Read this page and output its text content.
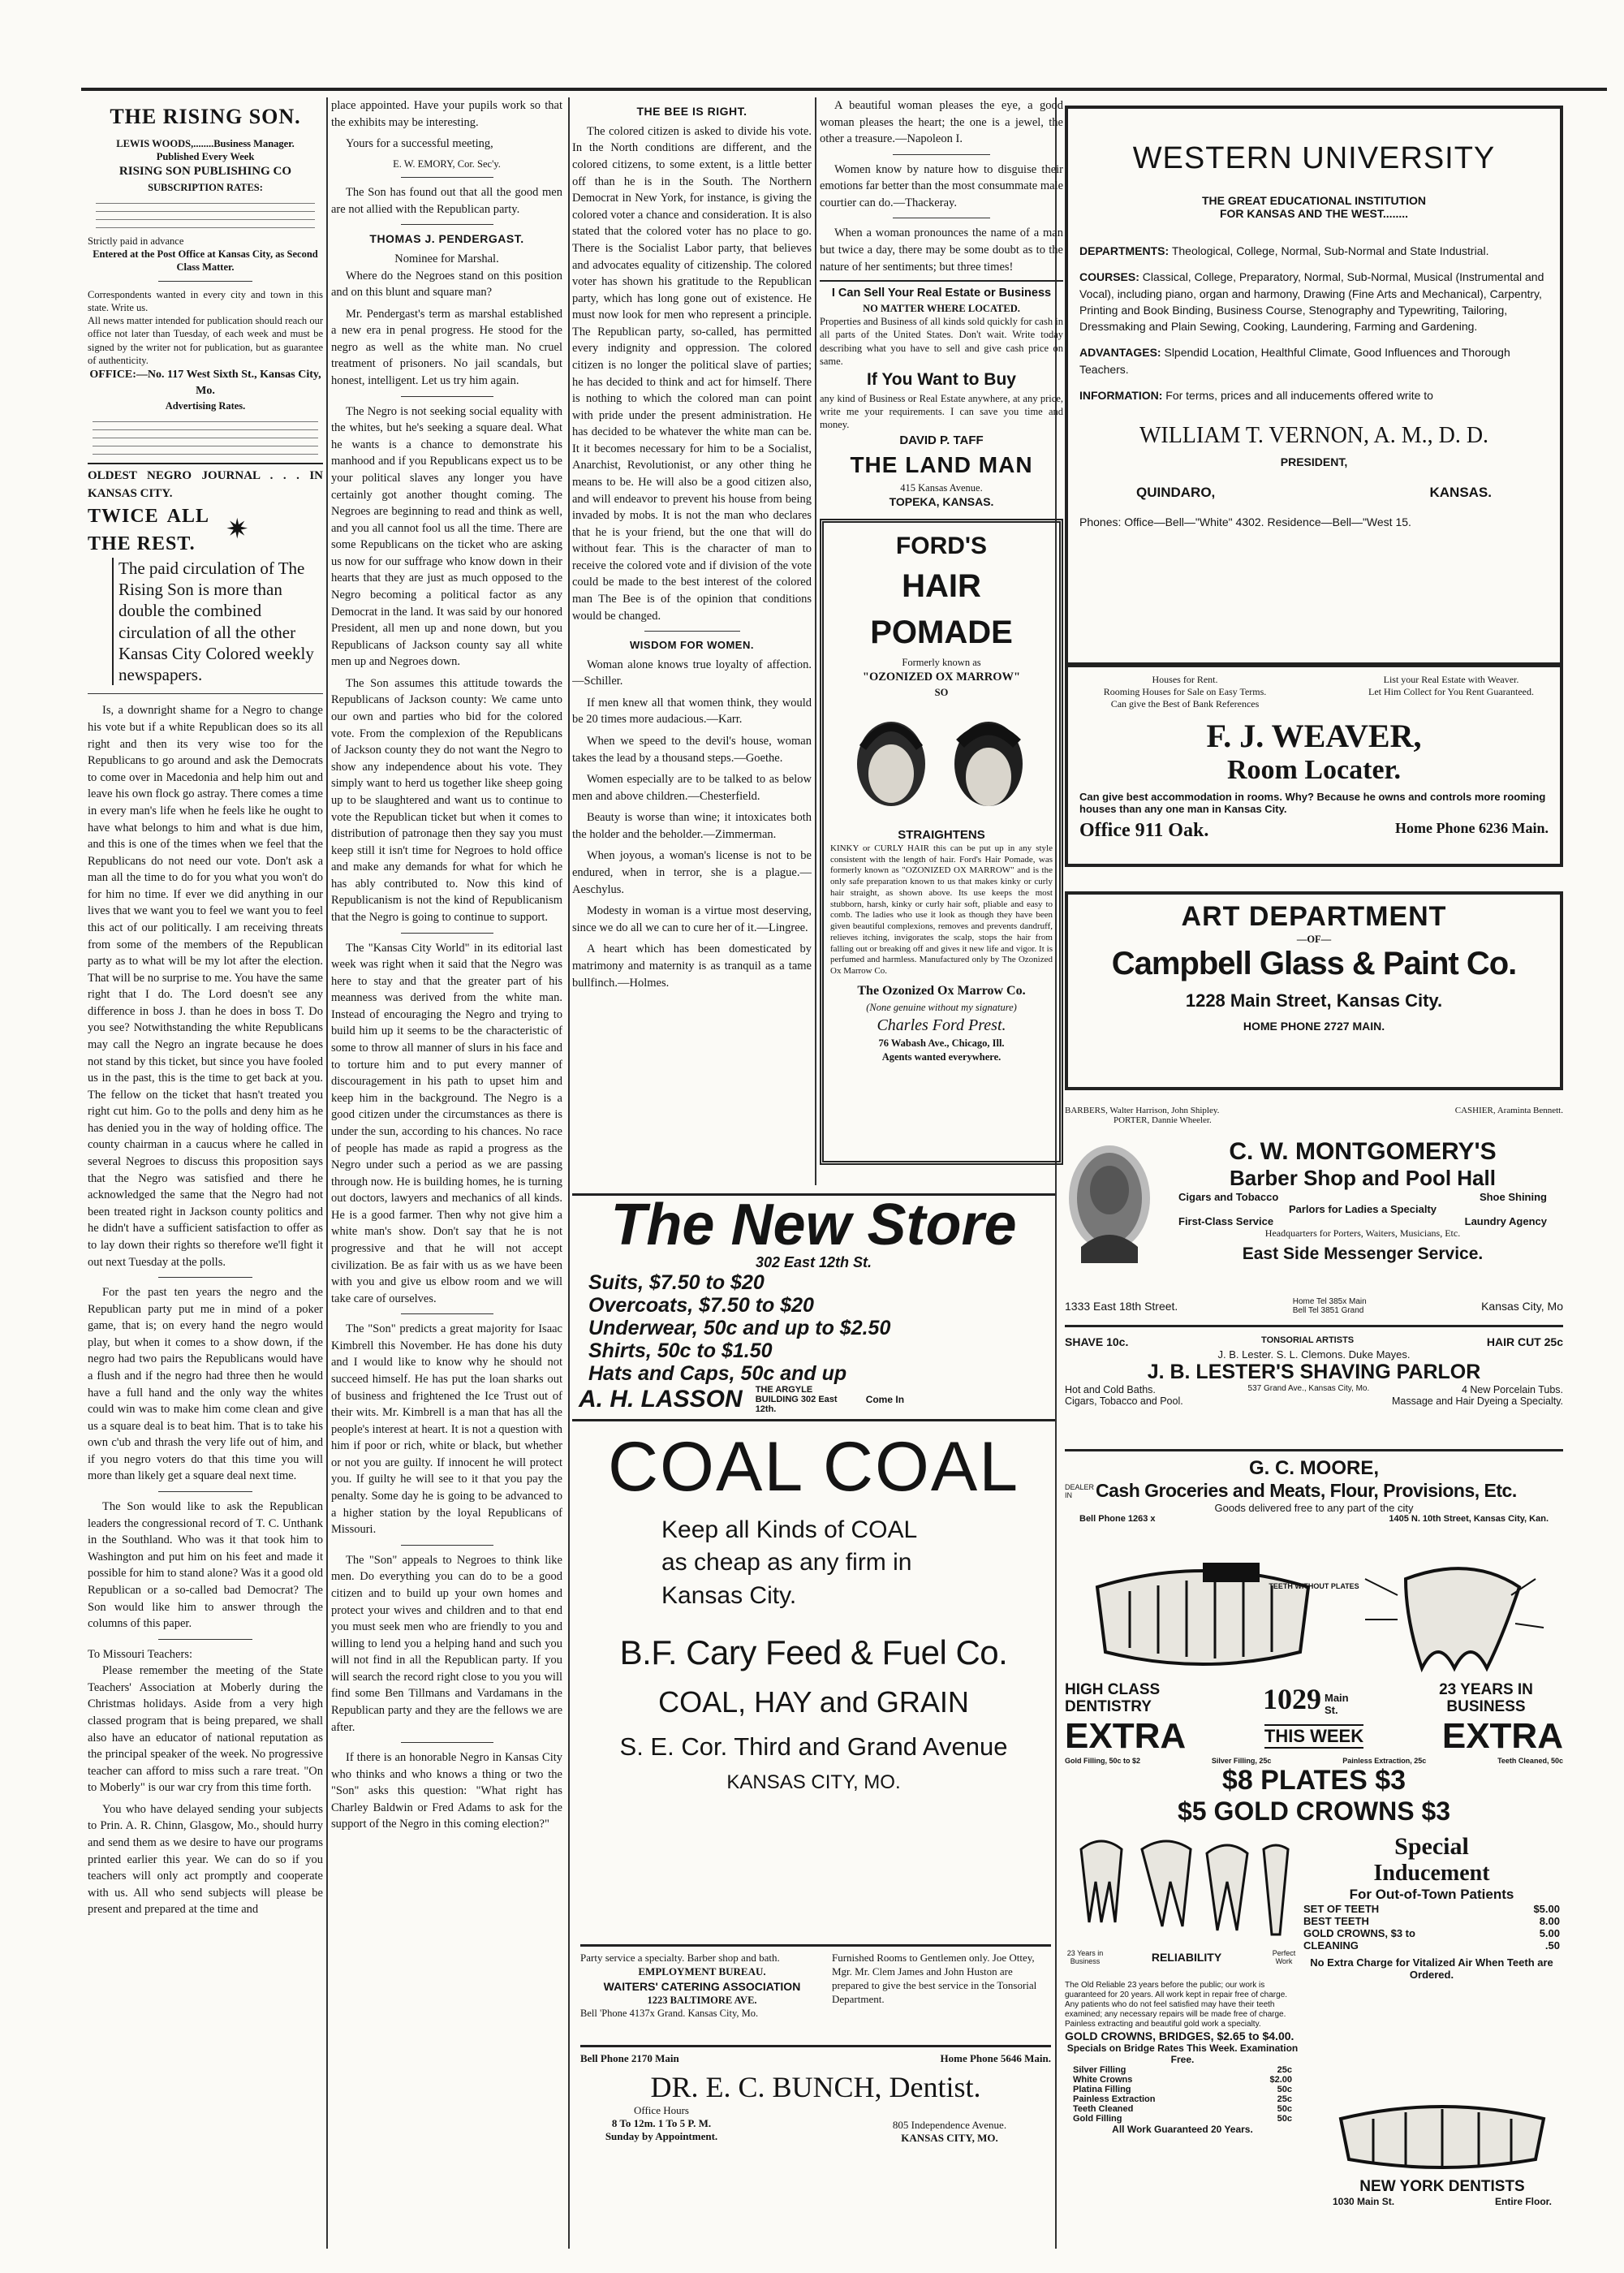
THE RISING SON.
LEWIS WOODS,........Business Manager.
Published Every Week
RISING SON PUBLISHING CO
SUBSCRIPTION RATES:
Strictly paid in advance
Entered at the Post Office at Kansas City, as Second Class Matter.
Correspondents wanted in every city and town in this state. Write us.
All news matter intended for publication should reach our office not later than Tuesday, of each week and must be signed by the writer not for publication, but as guarantee of authenticity.
OFFICE:—No. 117 West Sixth St., Kansas City, Mo.
Advertising Rates.
OLDEST NEGRO JOURNAL . . . IN KANSAS CITY.
TWICE ALL THE REST.	✷
The paid circulation of The Rising Son is more than double the combined circulation of all the other Kansas City Colored weekly newspapers.

Is, a downright shame for a Negro to change his vote but if a white Republican does so its all right and then its very wise too for the Republicans to go around and ask the Democrats to come over in Macedonia and help him out and leave his own flock go astray. There comes a time in every man's life when he feels like he ought to have what belongs to him and what is due him, and this is one of the times when we feel that the Republicans do not need our vote. Don't ask a man all the time to do for you what you won't do for him no time. If ever we did anything in our lives that we want you to feel we want you to feel this act of our politically. I am receiving threats from some of the members of the Republican party as to what will be my lot after the election. That will be no surprise to me. You have the same right that I do. The Lord doesn't see any difference in boss J. than he does in boss T. Do you see? Notwithstanding the white Republicans may call the Negro an ingrate because he does not stand by this ticket, but since you have fooled us in the past, this is the time to get back at you. The fellow on the ticket that hasn't treated you right cut him. Go to the polls and deny him as he has denied you in the way of holding office. The county chairman in a caucus where he called in several Negroes to discuss this proposition says that the Negro was satisfied and there he acknowledged the same that the Negro had not been treated right in Jackson county politics and he didn't have a sufficient satisfaction to offer as to lay down their rights so therefore we'll fight it out next Tuesday at the polls.

For the past ten years the negro and the Republican party put me in mind of a poker game, that is; on every hand the negro would play, but when it comes to a show down, if the negro had two pairs the Republicans would have a flush and if the negro had three then he would have a full hand and the only way the whites could win was to make him come clean and give us a square deal is to beat him. That is to take his own c'ub and thrash the very life out of him, and if you negro voters do that this time you will more than likely get a square deal next time.

The Son would like to ask the Republican leaders the congressional record of T. C. Unthank in the Southland. Who was it that took him to Washington and put him on his feet and made it possible for him to stand alone? Was it a good old Republican or a so-called bad Democrat? The Son would like him to answer through the columns of this paper.

To Missouri Teachers:

Please remember the meeting of the State Teachers' Association at Moberly during the Christmas holidays. Aside from a very high classed program that is being prepared, we shall also have an educator of national reputation as the principal speaker of the week. No progressive teacher can afford to miss such a rare treat. "On to Moberly" is our war cry from this time forth.

You who have delayed sending your subjects to Prin. A. R. Chinn, Glasgow, Mo., should hurry and send them as we desire to have our programs printed earlier this year. We can do so if you teachers will only act promptly and cooperate with us. All who send subjects will please be present and prepared at the time and

place appointed. Have your pupils work so that the exhibits may be interesting.

Yours for a successful meeting,

E. W. EMORY, Cor. Sec'y.

The Son has found out that all the good men are not allied with the Republican party.

THOMAS J. PENDERGAST.
Nominee for Marshal.

Where do the Negroes stand on this position and on this blunt and square man?

Mr. Pendergast's term as marshal established a new era in penal progress. He stood for the negro as well as the white man. No cruel treatment of prisoners. No jail scandals, but honest, intelligent. Let us try him again.

The Negro is not seeking social equality with the whites, but he's seeking a square deal. What he wants is a chance to demonstrate his manhood and if you Republicans expect us to be your political slaves any longer you have certainly got another thought coming. The Negroes are beginning to read and think as well, and you all cannot fool us all the time. There are some Republicans on the ticket who are asking us now for our suffrage who know down in their hearts that they are just as much opposed to the Negro becoming a political factor as any Democrat in the land. It was said by our honored President, all men up and none down, but you Republicans of Jackson county say all white men up and Negroes down.

The Son assumes this attitude towards the Republicans of Jackson county: We came unto our own and parties who bid for the colored vote. From the complexion of the Republicans of Jackson county they do not want the Negro to show any independence about his vote. They simply want to herd us together like sheep going up to be slaughtered and want us to continue to vote the Republican ticket but when it comes to distribution of patronage then they say you must keep still it isn't time for Negroes to hold office and make any demands for what for which he has ably contributed to. Now this kind of Republicanism is not the kind of Republicanism that the Negro is going to continue to support.

The "Kansas City World" in its editorial last week was right when it said that the Negro was here to stay and that the greater part of his meanness was derived from the white man. Instead of encouraging the Negro and trying to build him up it seems to be the characteristic of some to throw all manner of slurs in his face and to torture him and to put every manner of discouragement in his path to upset him and keep him in the background. The Negro is a good citizen under the circumstances as there is under the sun, according to his chances. No race of people has made as rapid a progress as the Negro under such a period as we are passing through now. He is building homes, he is turning out doctors, lawyers and mechanics of all kinds. He is a good farmer. Then why not give him a white man's show. Don't say that he is not progressive and that he will not accept civilization. Be as fair with us as we have been with you and give us elbow room and we will take care of ourselves.

The "Son" predicts a great majority for Isaac Kimbrell this November. He has done his duty and I would like to know why he should not succeed himself. He has put the loan sharks out of business and frightened the Ice Trust out of their wits. Mr. Kimbrell is a man that has all the people's interest at heart. It is not a question with him if poor or rich, white or black, but whether or not you are guilty. If innocent he will protect you. If guilty he will see to it that you pay the penalty. Some day he is going to be advanced to a higher station by the loyal Republicans of Missouri.

The "Son" appeals to Negroes to think like men. Do everything you can do to be a good citizen and to build up your own homes and protect your wives and children and to that end you must seek men who are friendly to you and willing to lend you a helping hand and such you will not find in all the Republican party. If you will search the record right close to you you will find some Ben Tillmans and Vardamans in the Republican party and they are the fellows we are after.

If there is an honorable Negro in Kansas City who thinks and who knows a thing or two the "Son" asks this question: "What right has Charley Baldwin or Fred Adams to ask for the support of the Negro in this coming election?"

THE BEE IS RIGHT.

The colored citizen is asked to divide his vote. In the North conditions are different, and the colored citizens, to some extent, is a little better off than he is in the South. The Northern Democrat in New York, for instance, is giving the colored voter a chance and consideration. It is also stated that the colored voter has no place to go. There is the Socialist Labor party, that believes and advocates equality of citizenship. The colored voter has shown his gratitude to the Republican party, which has long gone out of existence. He must now look for men who represent a principle. The Republican party, so-called, has permitted every indignity and oppression. The colored citizen is no longer the political slave of parties; he has decided to think and act for himself. There is nothing to which the colored man can point with pride under the present administration. He has decided to be whatever the white man can be. It it becomes necessary for him to be a Socialist, Anarchist, Revolutionist, or any other thing he means to be. He will also be a good citizen also, and will endeavor to prevent his house from being invaded by mobs. It is not the man who declares that he is your friend, but the one that will do without fear. This is the character of man to receive the colored vote and if division of the vote could be made to the best interest of the colored man The Bee is of the opinion that conditions would be changed.

WISDOM FOR WOMEN.

Woman alone knows true loyalty of affection.—Schiller.

If men knew all that women think, they would be 20 times more audacious.—Karr.

When we speed to the devil's house, woman takes the lead by a thousand steps.—Goethe.

Women especially are to be talked to as below men and above children.—Chesterfield.

Beauty is worse than wine; it intoxicates both the holder and the beholder.—Zimmerman.

When joyous, a woman's license is not to be endured, when in terror, she is a plague.—Aeschylus.

Modesty in woman is a virtue most deserving, since we do all we can to cure her of it.—Lingree.

A heart which has been domesticated by matrimony and maternity is as tranquil as a tame bullfinch.—Holmes.

A beautiful woman pleases the eye, a good woman pleases the heart; the one is a jewel, the other a treasure.—Napoleon I.

Women know by nature how to disguise their emotions far better than the most consummate male courtier can do.—Thackeray.

When a woman pronounces the name of a man but twice a day, there may be some doubt as to the nature of her sentiments; but three times!

I Can Sell Your Real Estate or Business
NO MATTER WHERE LOCATED.
Properties and Business of all kinds sold quickly for cash in all parts of the United States. Don't wait. Write today describing what you have to sell and give cash price on same.
If You Want to Buy
any kind of Business or Real Estate anywhere, at any price, write me your requirements. I can save you time and money.
DAVID P. TAFF
THE LAND MAN
415 Kansas Avenue.
TOPEKA, KANSAS.
FORD'S
HAIR POMADE
Formerly known as
"OZONIZED OX MARROW"
SO
STRAIGHTENS
KINKY or CURLY HAIR this can be put up in any style consistent with the length of hair. Ford's Hair Pomade, was formerly known as "OZONIZED OX MARROW" and is the only safe preparation known to us that makes kinky or curly hair straight, as shown above. Its use keeps the most stubborn, harsh, kinky or curly hair soft, pliable and easy to comb. The ladies who use it look as though they have been given beautiful complexions, removes and prevents dandruff, relieves itching, invigorates the scalp, stops the hair from falling out or breaking off and gives it new life and vigor. It is perfumed and harmless. Manufactured only by The Ozonized Ox Marrow Co.
The Ozonized Ox Marrow Co.
(None genuine without my signature)
Charles Ford Prest.
76 Wabash Ave., Chicago, Ill.
Agents wanted everywhere.
The New Store
302 East 12th St.
Suits, $7.50 to $20
Overcoats, $7.50 to $20
Underwear, 50c and up to $2.50
Shirts, 50c to $1.50
Hats and Caps, 50c and up
A. H. LASSON THE ARGYLE BUILDING 302 East 12th.
Come In
COAL COAL
Keep all Kinds of COAL
as cheap as any firm in
Kansas City.
B.F. Cary Feed & Fuel Co.
COAL, HAY and GRAIN
S. E. Cor. Third and Grand Avenue
KANSAS CITY, MO.
Party service a specialty. Barber shop and bath.
EMPLOYMENT BUREAU.
WAITERS' CATERING ASSOCIATION
1223 BALTIMORE AVE.
Bell 'Phone 4137x Grand. Kansas City, Mo.
Furnished Rooms to Gentlemen only. Joe Ottey, Mgr. Mr. Clem James and John Huston are prepared to give the best service in the Tonsorial Department.
Bell Phone 2170 Main	Home Phone 5646 Main.
DR. E. C. BUNCH, Dentist.
Office Hours
8 To 12m. 1 To 5 P. M.
Sunday by Appointment.
805 Independence Avenue.
KANSAS CITY, MO.
WESTERN UNIVERSITY
THE GREAT EDUCATIONAL INSTITUTION
FOR KANSAS AND THE WEST........
DEPARTMENTS: Theological, College, Normal, Sub-Normal and State Industrial.
COURSES: Classical, College, Preparatory, Normal, Sub-Normal, Musical (Instrumental and Vocal), including piano, organ and harmony, Drawing (Fine Arts and Mechanical), Carpentry, Printing and Book Binding, Business Course, Stenography and Typewriting, Tailoring, Dressmaking and Plain Sewing, Cooking, Laundering, Farming and Gardening.
ADVANTAGES: Slpendid Location, Healthful Climate, Good Influences and Thorough Teachers.
INFORMATION: For terms, prices and all inducements offered write to
WILLIAM T. VERNON, A. M., D. D.
PRESIDENT,
QUINDARO,	KANSAS.
Phones: Office—Bell—"White" 4302. Residence—Bell—"West 15.
Houses for Rent.
Rooming Houses for Sale on Easy Terms.
Can give the Best of Bank References
List your Real Estate with Weaver.
Let Him Collect for You Rent Guaranteed.
F. J. WEAVER,
Room Locater.
Can give best accommodation in rooms. Why? Because he owns and controls more rooming houses than any one man in Kansas City.
Office 911 Oak.	Home Phone 6236 Main.
ART DEPARTMENT
—OF—
Campbell Glass & Paint Co.
1228 Main Street, Kansas City.
HOME PHONE 2727 MAIN.
BARBERS, Walter Harrison, John Shipley.
PORTER, Dannie Wheeler.
CASHIER, Araminta Bennett.
C. W. MONTGOMERY'S
Barber Shop and Pool Hall
Cigars and Tobacco	Shoe Shining
Parlors for Ladies a Specialty
First-Class Service	Laundry Agency
Headquarters for Porters, Waiters, Musicians, Etc.
East Side Messenger Service.
1333 East 18th Street.	Home Tel 385x Main
Bell Tel 3851 Grand	Kansas City, Mo
SHAVE 10c.	TONSORIAL ARTISTS	HAIR CUT 25c
J. B. Lester. S. L. Clemons. Duke Mayes.
J. B. LESTER'S SHAVING PARLOR
Hot and Cold Baths.	537 Grand Ave., Kansas City, Mo.	4 New Porcelain Tubs.
Cigars, Tobacco and Pool.	Massage and Hair Dyeing a Specialty.
G. C. MOORE,
DEALER IN	Cash Groceries and Meats, Flour, Provisions, Etc.
Goods delivered free to any part of the city
Bell Phone 1263 x	1405 N. 10th Street, Kansas City, Kan.
TEETH WITHOUT PLATES
HIGH CLASS DENTISTRY	1029 Main St.
23 YEARS IN BUSINESS
EXTRA	THIS WEEK EXTRA
Gold Filling, 50c to $2	Silver Filling, 25c	Painless Extraction, 25c	Teeth Cleaned, 50c
$8 PLATES $3
$5 GOLD CROWNS $3
23 Years in Business	RELIABILITY	Perfect Work
Special
Inducement
For Out-of-Town Patients
SET OF TEETH	$5.00
BEST TEETH	8.00
GOLD CROWNS, $3 to	5.00
CLEANING	.50
No Extra Charge for Vitalized Air When Teeth are Ordered.
The Old Reliable 23 years before the public; our work is guaranteed for 20 years. All work kept in repair free of charge. Any patients who do not feel satisfied may have their teeth examined; any necessary repairs will be made free of charge. Painless extracting and beautiful gold work a specialty.
GOLD CROWNS, BRIDGES, $2.65 to $4.00.
Specials on Bridge Rates This Week. Examination Free.
Silver Filling	25c
White Crowns	$2.00
Platina Filling	50c
Painless Extraction	25c
Teeth Cleaned	50c
Gold Filling	50c
All Work Guaranteed 20 Years.
NEW YORK DENTISTS
1030 Main St.	Entire Floor.
